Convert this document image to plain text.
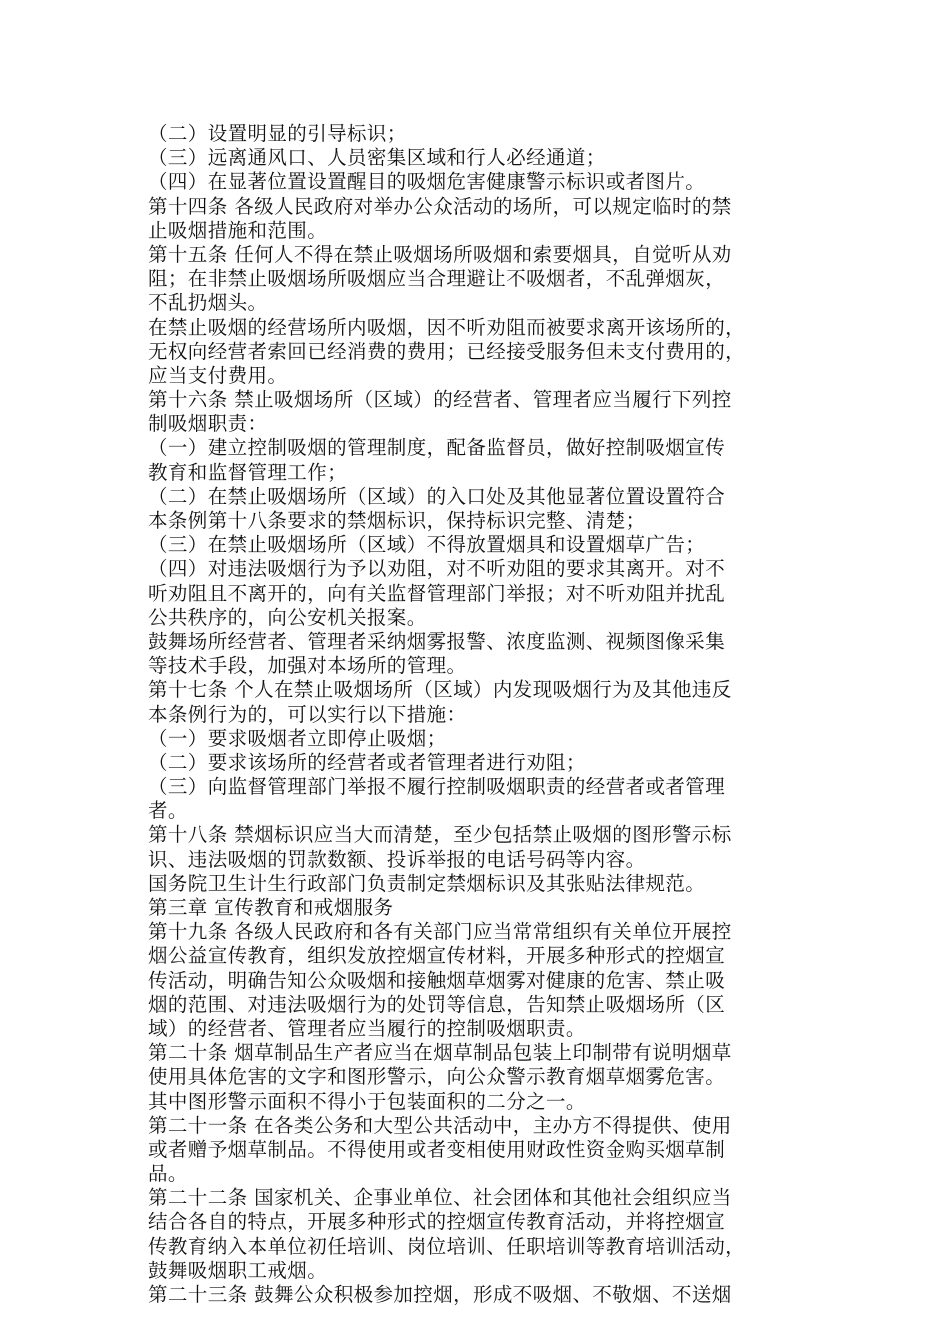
（二）设置明显的引导标识；
（三）远离通风口、人员密集区域和行人必经通道；
（四）在显著位置设置醒目的吸烟危害健康警示标识或者图片。
第十四条 各级人民政府对举办公众活动的场所，可以规定临时的禁
止吸烟措施和范围。
第十五条 任何人不得在禁止吸烟场所吸烟和索要烟具，自觉听从劝
阻；在非禁止吸烟场所吸烟应当合理避让不吸烟者，不乱弹烟灰，
不乱扔烟头。
在禁止吸烟的经营场所内吸烟，因不听劝阻而被要求离开该场所的，
无权向经营者索回已经消费的费用；已经接受服务但未支付费用的，
应当支付费用。
第十六条 禁止吸烟场所（区域）的经营者、管理者应当履行下列控
制吸烟职责：
（一）建立控制吸烟的管理制度，配备监督员，做好控制吸烟宣传
教育和监督管理工作；
（二）在禁止吸烟场所（区域）的入口处及其他显著位置设置符合
本条例第十八条要求的禁烟标识，保持标识完整、清楚；
（三）在禁止吸烟场所（区域）不得放置烟具和设置烟草广告；
（四）对违法吸烟行为予以劝阻，对不听劝阻的要求其离开。对不
听劝阻且不离开的，向有关监督管理部门举报；对不听劝阻并扰乱
公共秩序的，向公安机关报案。
鼓舞场所经营者、管理者采纳烟雾报警、浓度监测、视频图像采集
等技术手段，加强对本场所的管理。
第十七条 个人在禁止吸烟场所（区域）内发现吸烟行为及其他违反
本条例行为的，可以实行以下措施：
（一）要求吸烟者立即停止吸烟；
（二）要求该场所的经营者或者管理者进行劝阻；
（三）向监督管理部门举报不履行控制吸烟职责的经营者或者管理
者。
第十八条 禁烟标识应当大而清楚，至少包括禁止吸烟的图形警示标
识、违法吸烟的罚款数额、投诉举报的电话号码等内容。
国务院卫生计生行政部门负责制定禁烟标识及其张贴法律规范。
第三章 宣传教育和戒烟服务
第十九条 各级人民政府和各有关部门应当常常组织有关单位开展控
烟公益宣传教育，组织发放控烟宣传材料，开展多种形式的控烟宣
传活动，明确告知公众吸烟和接触烟草烟雾对健康的危害、禁止吸
烟的范围、对违法吸烟行为的处罚等信息，告知禁止吸烟场所（区
域）的经营者、管理者应当履行的控制吸烟职责。
第二十条 烟草制品生产者应当在烟草制品包装上印制带有说明烟草
使用具体危害的文字和图形警示，向公众警示教育烟草烟雾危害。
其中图形警示面积不得小于包装面积的二分之一。
第二十一条 在各类公务和大型公共活动中，主办方不得提供、使用
或者赠予烟草制品。不得使用或者变相使用财政性资金购买烟草制
品。
第二十二条 国家机关、企事业单位、社会团体和其他社会组织应当
结合各自的特点，开展多种形式的控烟宣传教育活动，并将控烟宣
传教育纳入本单位初任培训、岗位培训、任职培训等教育培训活动，
鼓舞吸烟职工戒烟。
第二十三条 鼓舞公众积极参加控烟，形成不吸烟、不敬烟、不送烟
